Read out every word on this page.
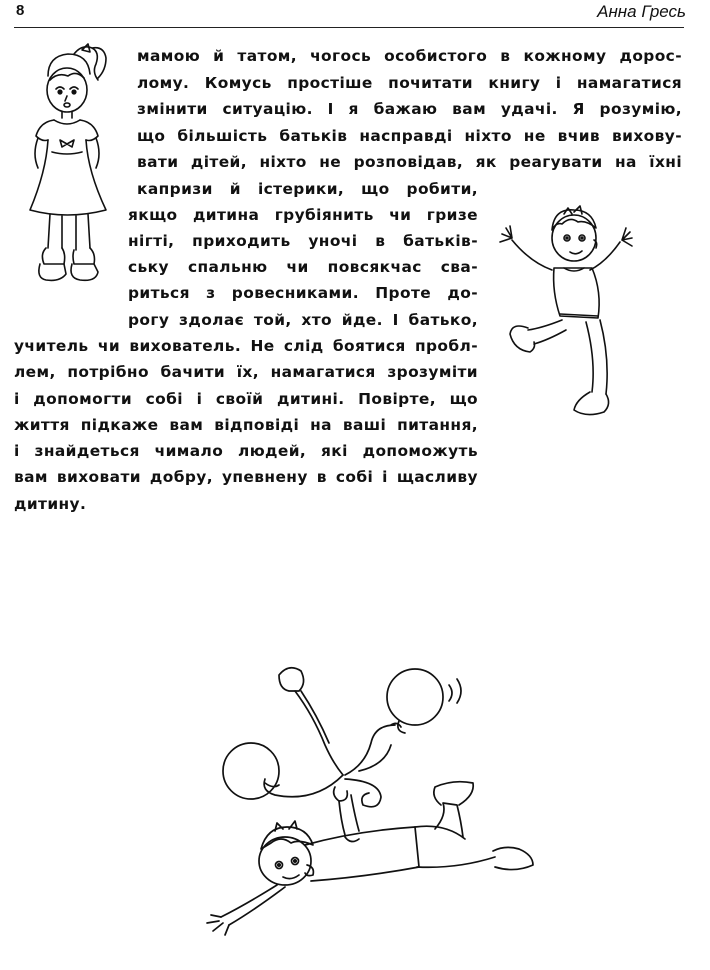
8	Анна Гресь
мамою й татом, чогось особистого в кожному дорос-
лому. Комусь простіше почитати книгу і намагатися
змінити ситуацію. І я бажаю вам удачі. Я розумію,
що більшість батьків насправді ніхто не вчив вихову-
вати дітей, ніхто не розповідав, як реагувати на їхні
капризи й істерики, що робити,
якщо дитина грубіянить чи гризе
нігті, приходить уночі в батьків-
ську спальню чи повсякчас сва-
риться з ровесниками. Проте до-
рогу здолає той, хто йде. І батько,
учитель чи вихователь. Не слід боятися пробл-
лем, потрібно бачити їх, намагатися зрозуміти
і допомогти собі і своїй дитині. Повірте, що
життя підкаже вам відповіді на ваші питання,
і знайдеться чимало людей, які допоможуть
вам виховати добру, упевнену в собі і щасливу
дитину.
